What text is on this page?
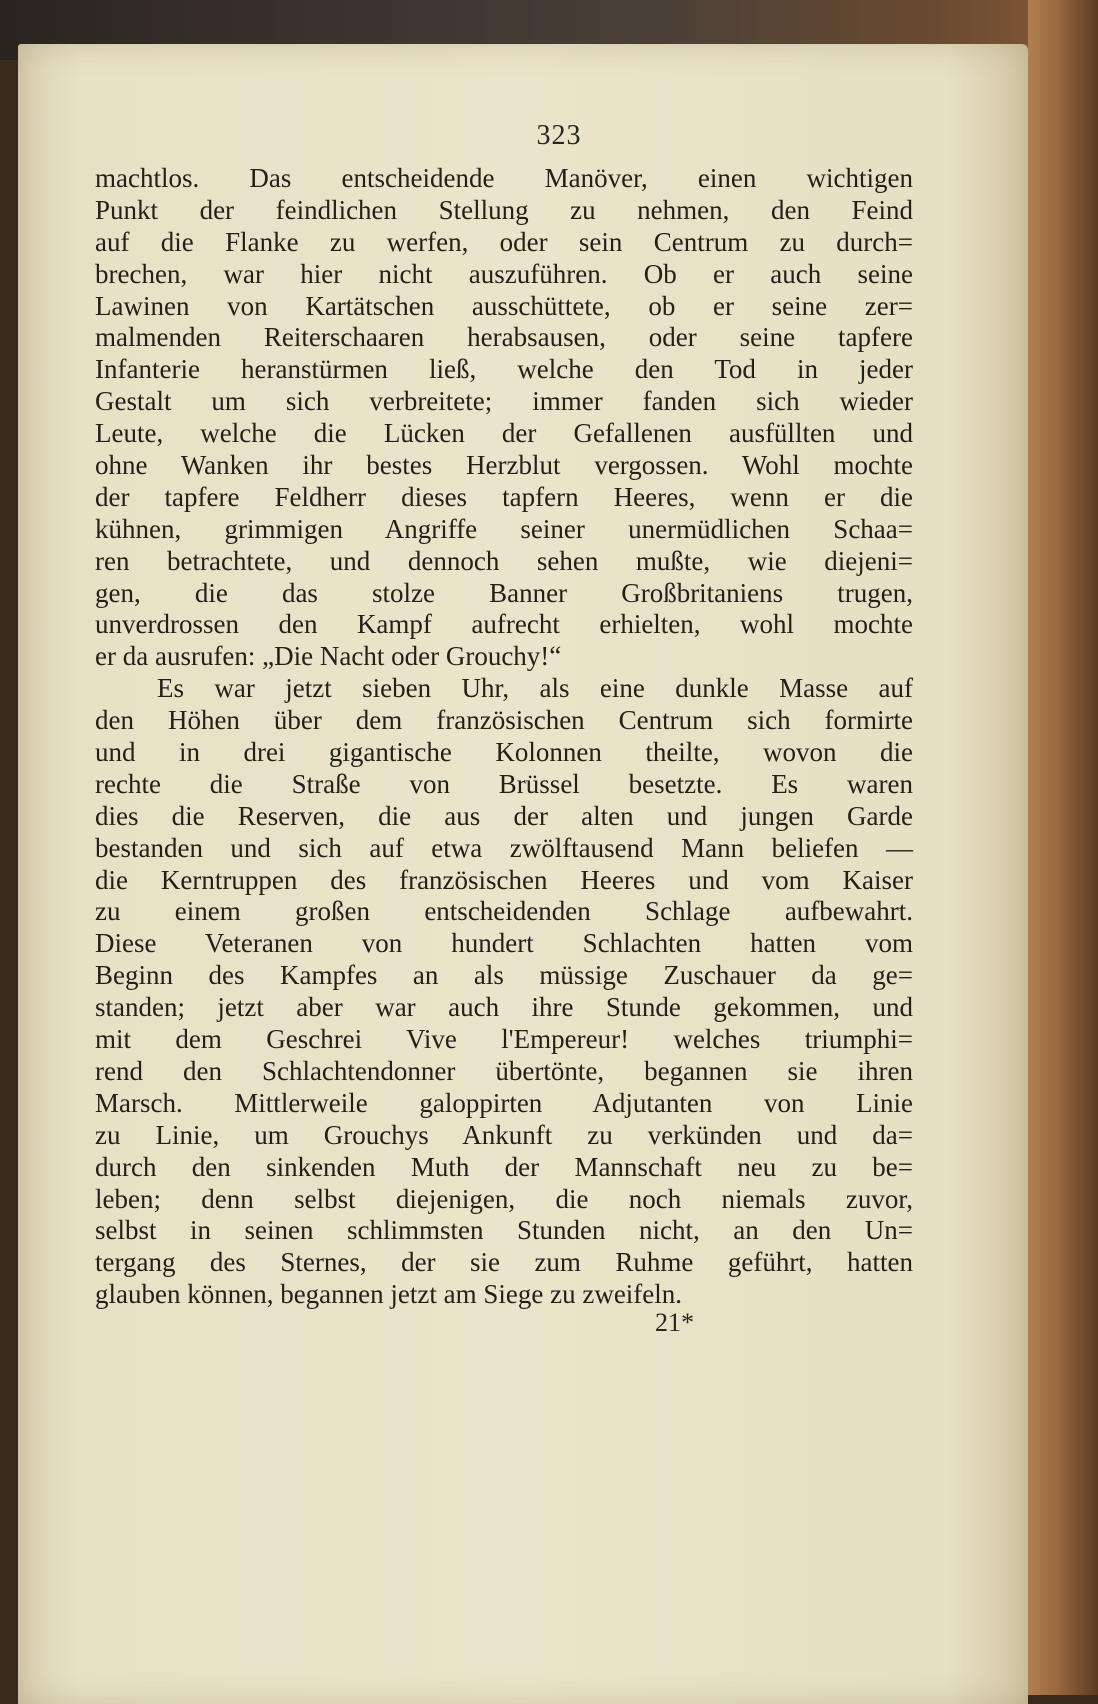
323
machtlos. Das entscheidende Manöver, einen wichtigen
Punkt der feindlichen Stellung zu nehmen, den Feind
auf die Flanke zu werfen, oder sein Centrum zu durch=
brechen, war hier nicht auszuführen. Ob er auch seine
Lawinen von Kartätschen ausschüttete, ob er seine zer=
malmenden Reiterschaaren herabsausen, oder seine tapfere
Infanterie heranstürmen ließ, welche den Tod in jeder
Gestalt um sich verbreitete; immer fanden sich wieder
Leute, welche die Lücken der Gefallenen ausfüllten und
ohne Wanken ihr bestes Herzblut vergossen. Wohl mochte
der tapfere Feldherr dieses tapfern Heeres, wenn er die
kühnen, grimmigen Angriffe seiner unermüdlichen Schaa=
ren betrachtete, und dennoch sehen mußte, wie diejeni=
gen, die das stolze Banner Großbritaniens trugen,
unverdrossen den Kampf aufrecht erhielten, wohl mochte
er da ausrufen: „Die Nacht oder Grouchy!“
Es war jetzt sieben Uhr, als eine dunkle Masse auf
den Höhen über dem französischen Centrum sich formirte
und in drei gigantische Kolonnen theilte, wovon die
rechte die Straße von Brüssel besetzte. Es waren
dies die Reserven, die aus der alten und jungen Garde
bestanden und sich auf etwa zwölftausend Mann beliefen —
die Kerntruppen des französischen Heeres und vom Kaiser
zu einem großen entscheidenden Schlage aufbewahrt.
Diese Veteranen von hundert Schlachten hatten vom
Beginn des Kampfes an als müssige Zuschauer da ge=
standen; jetzt aber war auch ihre Stunde gekommen, und
mit dem Geschrei Vive l'Empereur! welches triumphi=
rend den Schlachtendonner übertönte, begannen sie ihren
Marsch. Mittlerweile galoppirten Adjutanten von Linie
zu Linie, um Grouchys Ankunft zu verkünden und da=
durch den sinkenden Muth der Mannschaft neu zu be=
leben; denn selbst diejenigen, die noch niemals zuvor,
selbst in seinen schlimmsten Stunden nicht, an den Un=
tergang des Sternes, der sie zum Ruhme geführt, hatten
glauben können, begannen jetzt am Siege zu zweifeln.
21*
